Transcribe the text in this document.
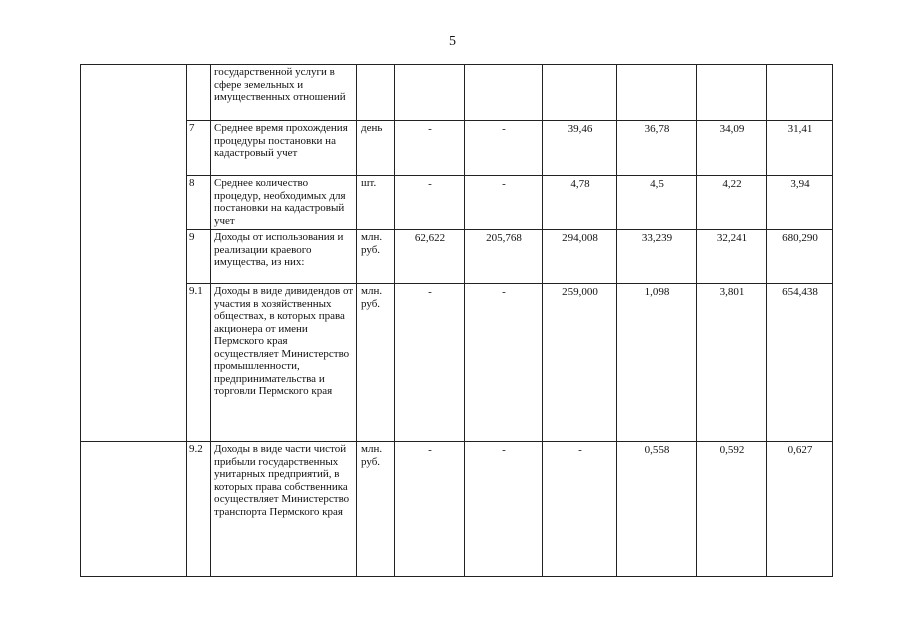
5
		государственной услуги в сфере земельных и имущественных отношений							
	7	Среднее время прохождения процедуры постановки на кадастровый учет	день	-	-	39,46	36,78	34,09	31,41
	8	Среднее количество процедур, необходимых для постановки на кадастровый учет	шт.	-	-	4,78	4,5	4,22	3,94
	9	Доходы от использования и реализации краевого имущества, из них:	млн. руб.	62,622	205,768	294,008	33,239	32,241	680,290
	9.1	Доходы в виде дивидендов от участия в хозяйственных обществах, в которых права акционера от имени Пермского края осуществляет Министерство промышленности, предпринимательства и торговли Пермского края	млн. руб.	-	-	259,000	1,098	3,801	654,438
	9.2	Доходы в виде части чистой прибыли государственных унитарных предприятий, в которых права собственника осуществляет Министерство транспорта Пермского края	млн. руб.	-	-	-	0,558	0,592	0,627
